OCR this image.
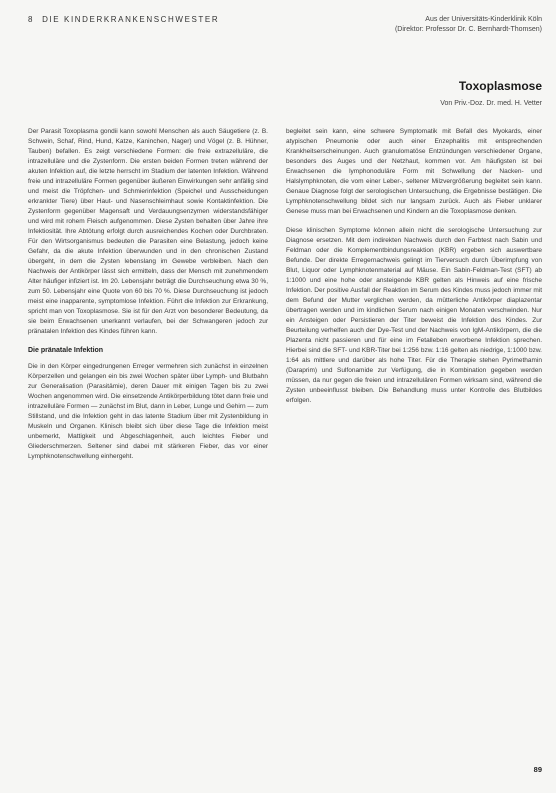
8 DIE KINDERKRANKENSCHWESTER	Aus der Universitäts-Kinderklinik Köln
(Direktor: Professor Dr. C. Bernhardt-Thomsen)
Toxoplasmose
Von Priv.-Doz. Dr. med. H. Vetter

Der Parasit Toxoplasma gondii kann sowohl Menschen als auch Säugetiere (z. B. Schwein, Schaf, Rind, Hund, Katze, Kaninchen, Nager) und Vögel (z. B. Hühner, Tauben) befallen. Es zeigt verschiedene Formen: die freie extrazelluläre, die intrazelluläre und die Zystenform. Die ersten beiden Formen treten während der akuten Infektion auf, die letzte herrscht im Stadium der latenten Infektion. Während freie und intrazelluläre Formen gegenüber äußeren Einwirkungen sehr anfällig sind und meist die Tröpfchen- und Schmierinfektion (Speichel und Ausscheidungen erkrankter Tiere) über Haut- und Nasenschleimhaut sowie Kontaktinfektion. Die Zystenform gegenüber Magensaft und Verdauungsenzymen widerstandsfähiger und wird mit rohem Fleisch aufgenommen. Diese Zysten behalten über Jahre ihre Infektiosität. Ihre Abtötung erfolgt durch ausreichendes Kochen oder Durchbraten. Für den Wirtsorganismus bedeuten die Parasiten eine Belastung, jedoch keine Gefahr, da die akute Infektion überwunden und in den chronischen Zustand übergeht, in dem die Zysten lebenslang im Gewebe verbleiben. Nach den Nachweis der Antikörper lässt sich ermitteln, dass der Mensch mit zunehmendem Alter häufiger infiziert ist. Im 20. Lebensjahr beträgt die Durchseuchung etwa 30 %, zum 50. Lebensjahr eine Quote von 60 bis 70 %. Diese Durchseuchung ist jedoch meist eine inapparente, symptomlose Infektion. Führt die Infektion zur Erkrankung, spricht man von Toxoplasmose. Sie ist für den Arzt von besonderer Bedeutung, da sie beim Erwachsenen unerkannt verlaufen, bei der Schwangeren jedoch zur pränatalen Infektion des Kindes führen kann.

Die pränatale Infektion

Die in den Körper eingedrungenen Erreger vermehren sich zunächst in einzelnen Körperzellen und gelangen ein bis zwei Wochen später über Lymph- und Blutbahn zur Generalisation (Parasitämie), deren Dauer mit einigen Tagen bis zu zwei Wochen angenommen wird. Die einsetzende Antikörperbildung tötet dann freie und intrazelluläre Formen — zunächst im Blut, dann in Leber, Lunge und Gehirn — zum Stillstand, und die Infektion geht in das latente Stadium über mit Zystenbildung in Muskeln und Organen. Klinisch bleibt sich über diese Tage die Infektion meist unbemerkt, Mattigkeit und Abgeschlagenheit, auch leichtes Fieber und Gliederschmerzen. Seltener sind dabei mit stärkeren Fieber, das vor einer Lymphknotenschwellung einhergeht.

begleitet sein kann, eine schwere Symptomatik mit Befall des Myokards, einer atypischen Pneumonie oder auch einer Enzephalitis mit entsprechenden Krankheitserscheinungen. Auch granulomatöse Entzündungen verschiedener Organe, besonders des Auges und der Netzhaut, kommen vor. Am häufigsten ist bei Erwachsenen die lymphonoduläre Form mit Schwellung der Nacken- und Halslymphknoten, die vom einer Leber-, seltener Milzvergrößerung begleitet sein kann. Genaue Diagnose folgt der serologischen Untersuchung, die Ergebnisse bestätigen. Die Lymphknotenschwellung bildet sich nur langsam zurück. Auch als Fieber unklarer Genese muss man bei Erwachsenen und Kindern an die Toxoplasmose denken.

Diese klinischen Symptome können allein nicht die serologische Untersuchung zur Diagnose ersetzen. Mit dem indirekten Nachweis durch den Farbtest nach Sabin und Feldman oder die Komplementbindungsreaktion (KBR) ergeben sich auswertbare Befunde. Der direkte Erregernachweis gelingt im Tierversuch durch Überimpfung von Blut, Liquor oder Lymphknotenmaterial auf Mäuse. Ein Sabin-Feldman-Test (SFT) ab 1:1000 und eine hohe oder ansteigende KBR gelten als Hinweis auf eine frische Infektion. Der positive Ausfall der Reaktion im Serum des Kindes muss jedoch immer mit dem Befund der Mutter verglichen werden, da mütterliche Antikörper diaplazentar übertragen werden und im kindlichen Serum nach einigen Monaten verschwinden. Nur ein Ansteigen oder Persistieren der Titer beweist die Infektion des Kindes. Zur Beurteilung verhelfen auch der Dye-Test und der Nachweis von IgM-Antikörpern, die die Plazenta nicht passieren und für eine im Fetalleben erworbene Infektion sprechen. Hierbei sind die SFT- und KBR-Titer bei 1:256 bzw. 1:16 gelten als niedrige, 1:1000 bzw. 1:64 als mittlere und darüber als hohe Titer. Für die Therapie stehen Pyrimethamin (Daraprim) und Sulfonamide zur Verfügung, die in Kombination gegeben werden müssen, da nur gegen die freien und intrazellulären Formen wirksam sind, während die Zysten unbeeinflusst bleiben. Die Behandlung muss unter Kontrolle des Blutbildes erfolgen.

89
